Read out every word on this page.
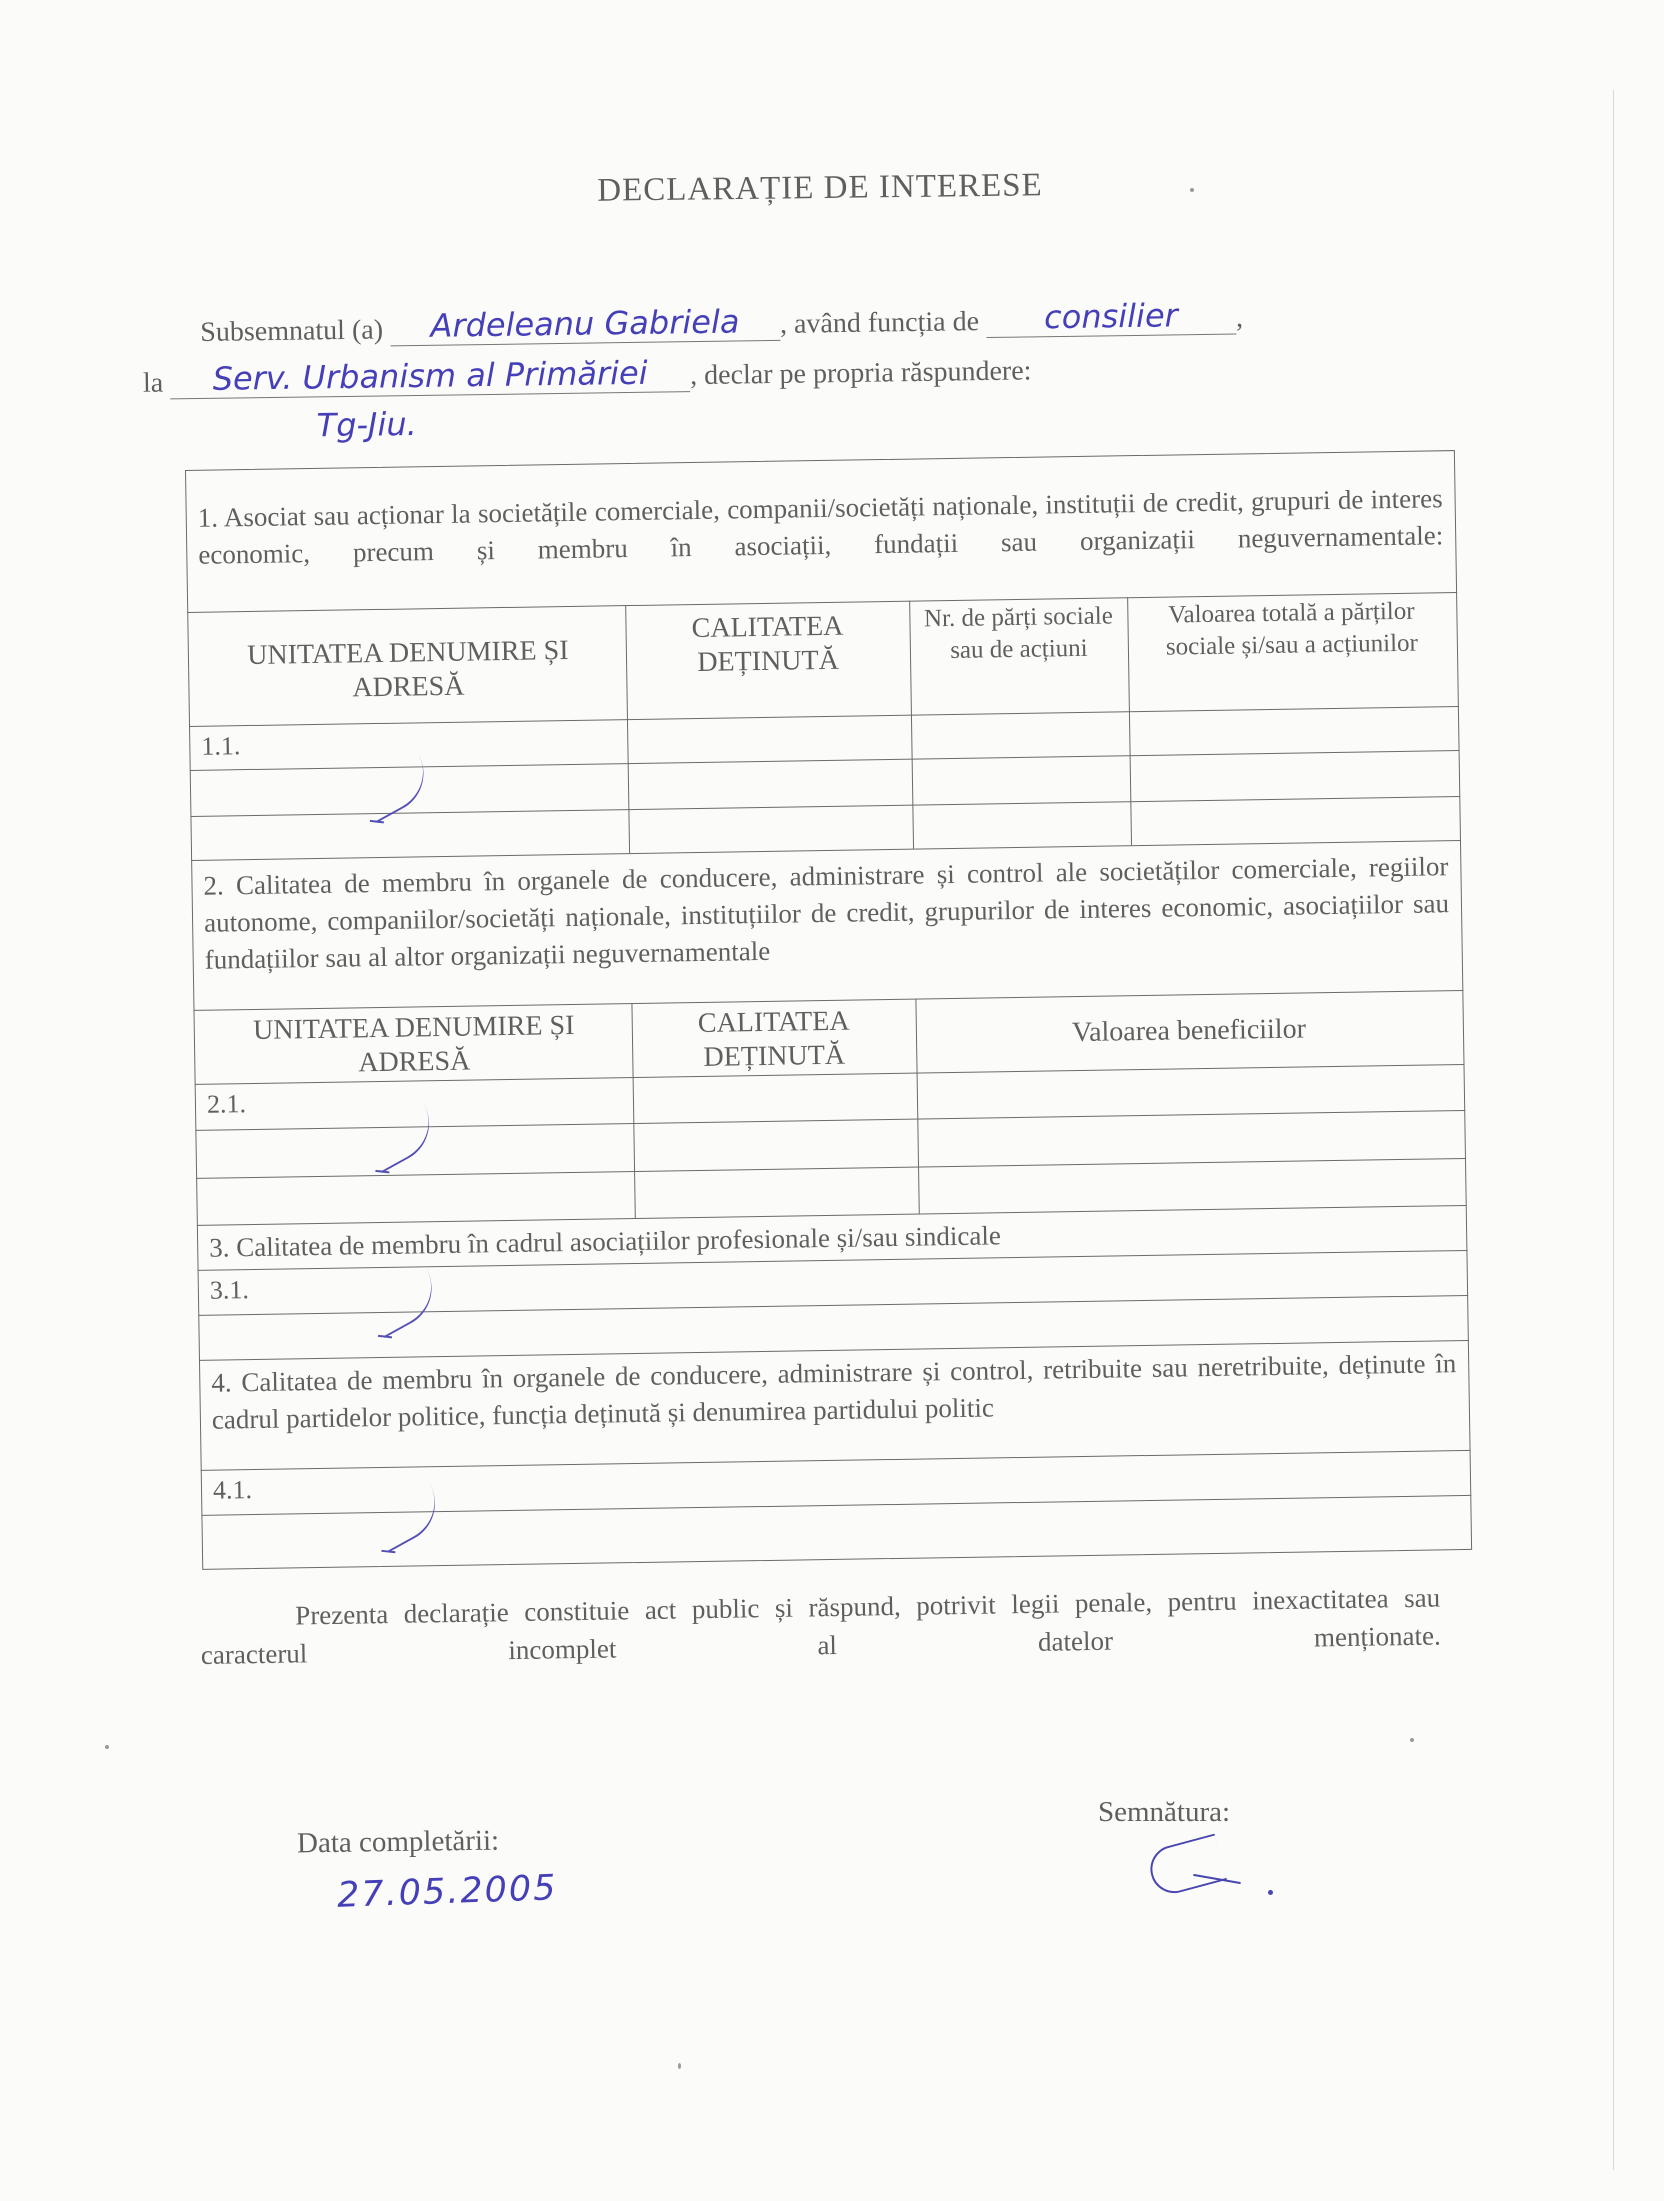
DECLARAȚIE DE INTERESE
Subsemnatul (a) Ardeleanu Gabriela , având funcția de consilier ,
la Serv. Urbanism al Primăriei , declar pe propria răspundere:
Tg-Jiu.
1. Asociat sau acționar la societățile comerciale, companii/societăți naționale, instituții de credit, grupuri de interes economic, precum și membru în asociații, fundații sau organizații neguvernamentale:
UNITATEA DENUMIRE ȘI ADRESĂ
CALITATEA DEȚINUTĂ
Nr. de părți sociale sau de acțiuni
Valoarea totală a părților sociale și/sau a acțiunilor
1.1.
2. Calitatea de membru în organele de conducere, administrare și control ale societăților comerciale, regiilor autonome, companiilor/societăți naționale, instituțiilor de credit, grupurilor de interes economic, asociațiilor sau fundațiilor sau al altor organizații neguvernamentale
UNITATEA DENUMIRE ȘI ADRESĂ
CALITATEA DEȚINUTĂ
Valoarea beneficiilor
2.1.
3. Calitatea de membru în cadrul asociațiilor profesionale și/sau sindicale
3.1.
4. Calitatea de membru în organele de conducere, administrare și control, retribuite sau neretribuite, deținute în cadrul partidelor politice, funcția deținută și denumirea partidului politic
4.1.
Prezenta declarație constituie act public și răspund, potrivit legii penale, pentru inexactitatea sau caracterul incomplet al datelor menționate.
Data completării:
27.05.2005
Semnătura:
